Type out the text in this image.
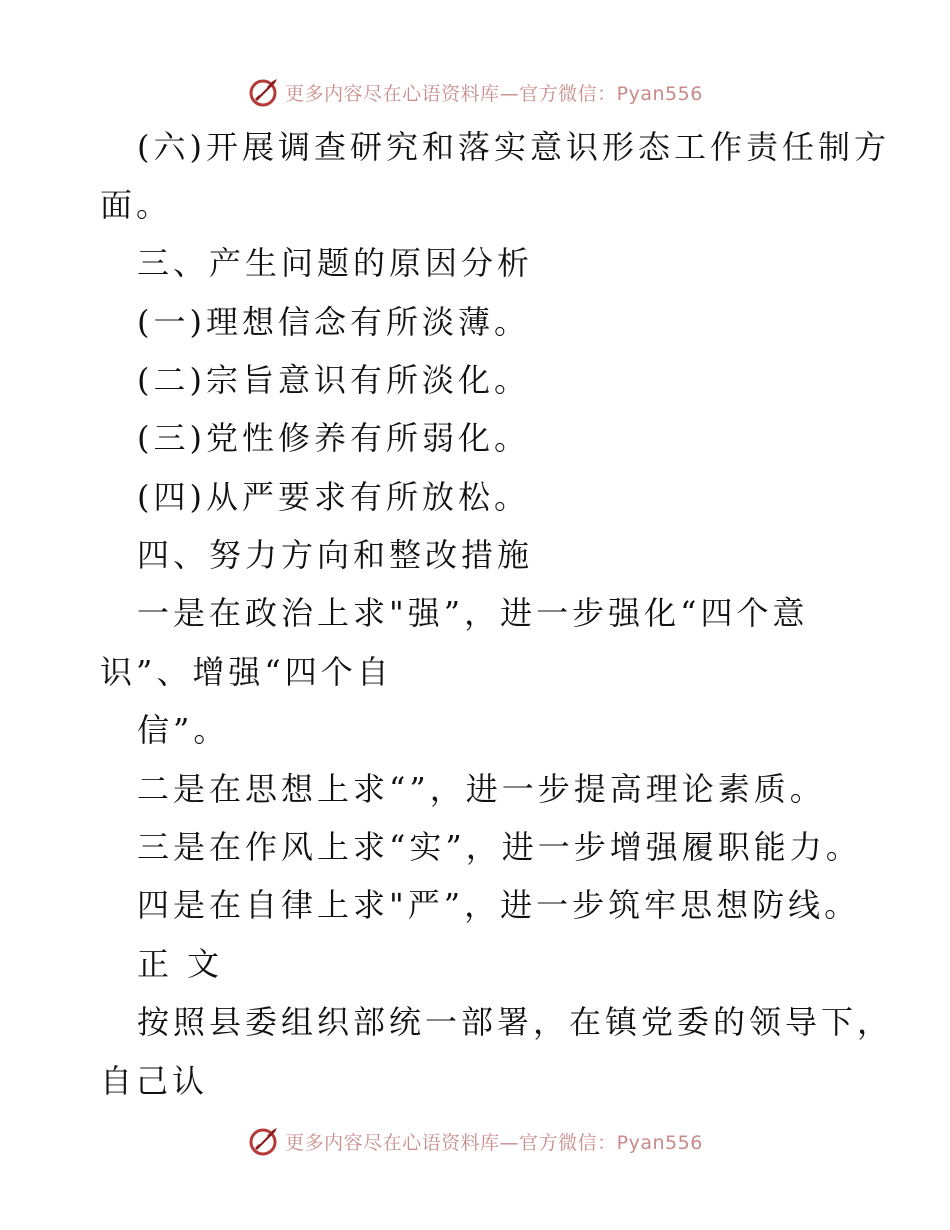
更多内容尽在心语资料库—官方微信：Pyan556
(六)开展调查研究和落实意识形态工作责任制方
面。
三、产生问题的原因分析
(一)理想信念有所淡薄。
(二)宗旨意识有所淡化。
(三)党性修养有所弱化。
(四)从严要求有所放松。
四、努力方向和整改措施
一是在政治上求"强”，进一步强化“四个意
识”、增强“四个自
信”。
二是在思想上求“”，进一步提高理论素质。
三是在作风上求“实”，进一步增强履职能力。
四是在自律上求"严”，进一步筑牢思想防线。
正 文
按照县委组织部统一部署，在镇党委的领导下，
自己认
更多内容尽在心语资料库—官方微信：Pyan556
